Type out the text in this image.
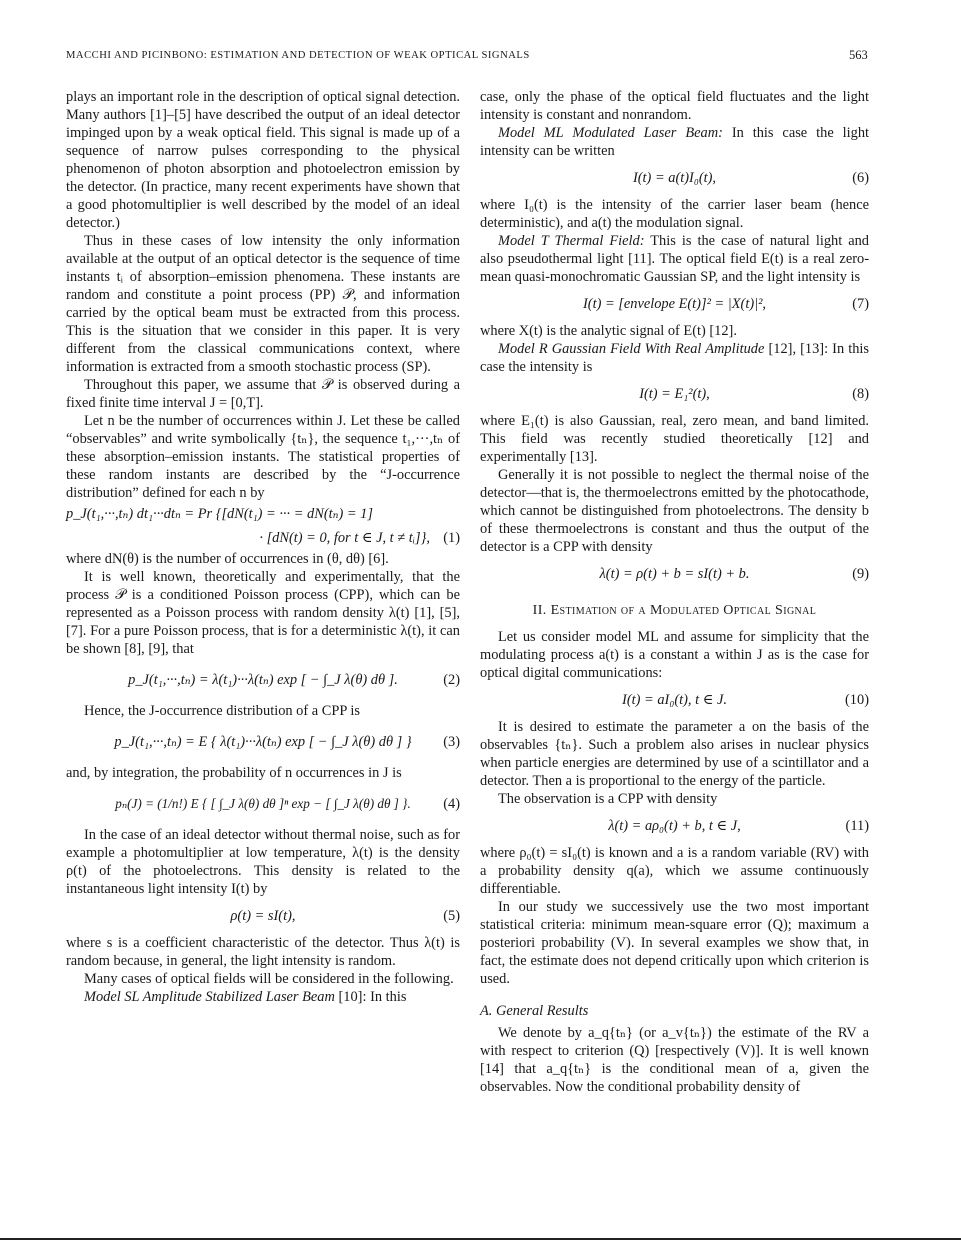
MACCHI AND PICINBONO: ESTIMATION AND DETECTION OF WEAK OPTICAL SIGNALS	563

plays an important role in the description of optical signal detection. Many authors [1]–[5] have described the output of an ideal detector impinged upon by a weak optical field. This signal is made up of a sequence of narrow pulses corresponding to the physical phenomenon of photon absorption and photoelectron emission by the detector. (In practice, many recent experiments have shown that a good photomultiplier is well described by the model of an ideal detector.)

Thus in these cases of low intensity the only information available at the output of an optical detector is the sequence of time instants tᵢ of absorption–emission phenomena. These instants are random and constitute a point process (PP) 𝒫, and information carried by the optical beam must be extracted from this process. This is the situation that we consider in this paper. It is very different from the classical communications context, where information is extracted from a smooth stochastic process (SP).

Throughout this paper, we assume that 𝒫 is observed during a fixed finite time interval J = [0,T].

Let n be the number of occurrences within J. Let these be called “observables” and write symbolically {tₙ}, the sequence t₁,···,tₙ of these absorption–emission instants. The statistical properties of these random instants are described by the “J-occurrence distribution” defined for each n by

p_J(t₁,···,tₙ) dt₁···dtₙ = Pr {[dN(t₁) = ··· = dN(tₙ) = 1]
· [dN(t) = 0, for t ∈ J, t ≠ tᵢ]}, (1)

where dN(θ) is the number of occurrences in (θ, dθ) [6].

It is well known, theoretically and experimentally, that the process 𝒫 is a conditioned Poisson process (CPP), which can be represented as a Poisson process with random density λ(t) [1], [5], [7]. For a pure Poisson process, that is for a deterministic λ(t), it can be shown [8], [9], that

p_J(t₁,···,tₙ) = λ(t₁)···λ(tₙ) exp [ − ∫_J λ(θ) dθ ].	(2)

Hence, the J-occurrence distribution of a CPP is

p_J(t₁,···,tₙ) = E { λ(t₁)···λ(tₙ) exp [ − ∫_J λ(θ) dθ ] } (3)

and, by integration, the probability of n occurrences in J is

pₙ(J) = (1/n!) E { [ ∫_J λ(θ) dθ ]ⁿ exp − [ ∫_J λ(θ) dθ ] }. (4)

In the case of an ideal detector without thermal noise, such as for example a photomultiplier at low temperature, λ(t) is the density ρ(t) of the photoelectrons. This density is related to the instantaneous light intensity I(t) by

ρ(t) = sI(t),	(5)

where s is a coefficient characteristic of the detector. Thus λ(t) is random because, in general, the light intensity is random.

Many cases of optical fields will be considered in the following.

Model SL Amplitude Stabilized Laser Beam [10]: In this

case, only the phase of the optical field fluctuates and the light intensity is constant and nonrandom.

Model ML Modulated Laser Beam: In this case the light intensity can be written

I(t) = a(t)I₀(t),	(6)

where I₀(t) is the intensity of the carrier laser beam (hence deterministic), and a(t) the modulation signal.

Model T Thermal Field: This is the case of natural light and also pseudothermal light [11]. The optical field E(t) is a real zero-mean quasi-monochromatic Gaussian SP, and the light intensity is

I(t) = [envelope E(t)]² = |X(t)|²,	(7)

where X(t) is the analytic signal of E(t) [12].

Model R Gaussian Field With Real Amplitude [12], [13]: In this case the intensity is

I(t) = E₁²(t),	(8)

where E₁(t) is also Gaussian, real, zero mean, and band limited. This field was recently studied theoretically [12] and experimentally [13].

Generally it is not possible to neglect the thermal noise of the detector—that is, the thermoelectrons emitted by the photocathode, which cannot be distinguished from photoelectrons. The density b of these thermoelectrons is constant and thus the output of the detector is a CPP with density

λ(t) = ρ(t) + b = sI(t) + b.	(9)
II. Estimation of a Modulated Optical Signal

Let us consider model ML and assume for simplicity that the modulating process a(t) is a constant a within J as is the case for optical digital communications:

I(t) = aI₀(t), t ∈ J.	(10)

It is desired to estimate the parameter a on the basis of the observables {tₙ}. Such a problem also arises in nuclear physics when particle energies are determined by use of a scintillator and a detector. Then a is proportional to the energy of the particle.

The observation is a CPP with density

λ(t) = aρ₀(t) + b, t ∈ J,	(11)

where ρ₀(t) = sI₀(t) is known and a is a random variable (RV) with a probability density q(a), which we assume continuously differentiable.

In our study we successively use the two most important statistical criteria: minimum mean-square error (Q); maximum a posteriori probability (V). In several examples we show that, in fact, the estimate does not depend critically upon which criterion is used.

A. General Results

We denote by a_q{tₙ} (or a_v{tₙ}) the estimate of the RV a with respect to criterion (Q) [respectively (V)]. It is well known [14] that a_q{tₙ} is the conditional mean of a, given the observables. Now the conditional probability density of
